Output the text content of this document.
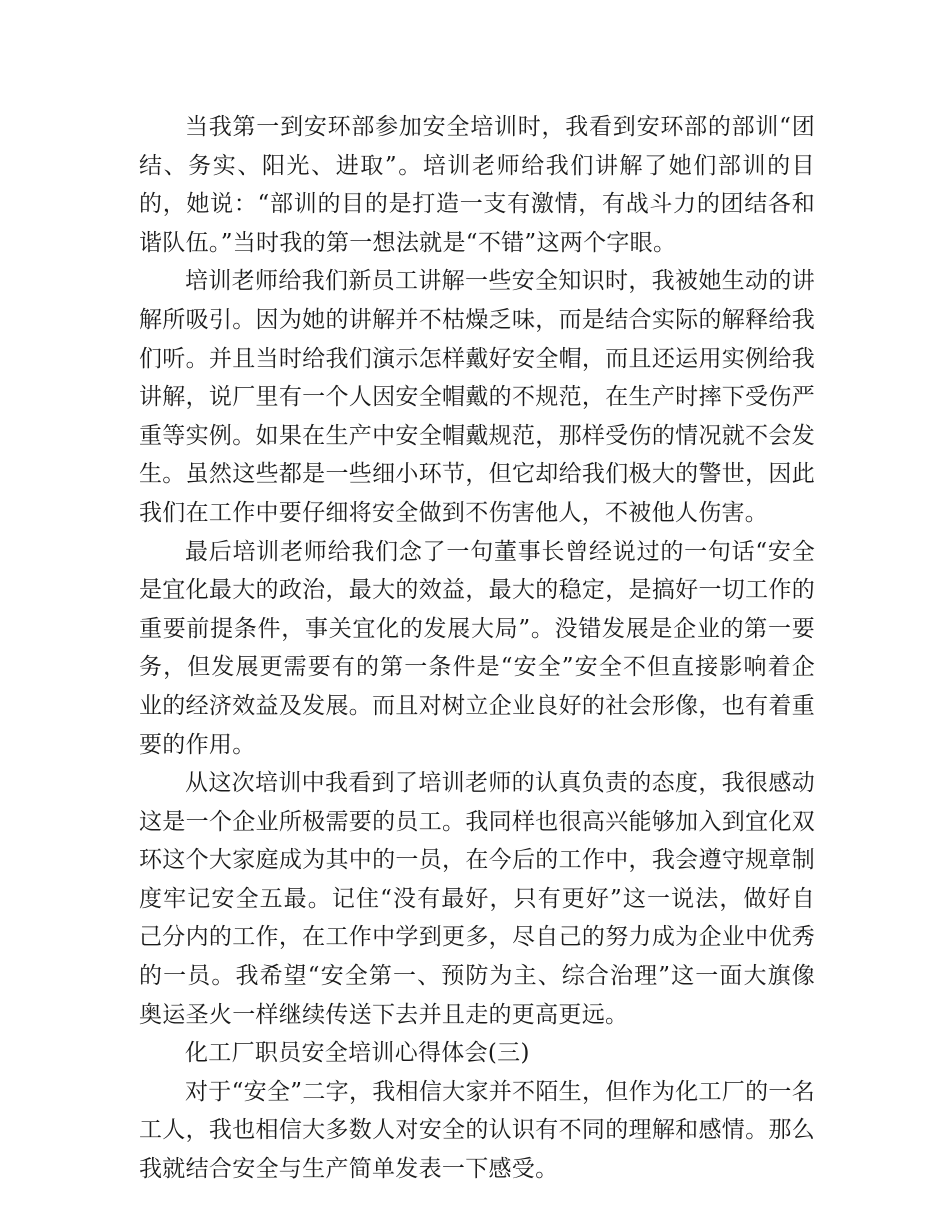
当我第一到安环部参加安全培训时，我看到安环部的部训“团结、务实、阳光、进取”。培训老师给我们讲解了她们部训的目的，她说：“部训的目的是打造一支有激情，有战斗力的团结各和谐队伍。”当时我的第一想法就是“不错”这两个字眼。

培训老师给我们新员工讲解一些安全知识时，我被她生动的讲解所吸引。因为她的讲解并不枯燥乏味，而是结合实际的解释给我们听。并且当时给我们演示怎样戴好安全帽，而且还运用实例给我讲解，说厂里有一个人因安全帽戴的不规范，在生产时摔下受伤严重等实例。如果在生产中安全帽戴规范，那样受伤的情况就不会发生。虽然这些都是一些细小环节，但它却给我们极大的警世，因此我们在工作中要仔细将安全做到不伤害他人，不被他人伤害。

最后培训老师给我们念了一句董事长曾经说过的一句话“安全是宜化最大的政治，最大的效益，最大的稳定，是搞好一切工作的重要前提条件，事关宜化的发展大局”。没错发展是企业的第一要务，但发展更需要有的第一条件是“安全”安全不但直接影响着企业的经济效益及发展。而且对树立企业良好的社会形像，也有着重要的作用。

从这次培训中我看到了培训老师的认真负责的态度，我很感动这是一个企业所极需要的员工。我同样也很高兴能够加入到宜化双环这个大家庭成为其中的一员，在今后的工作中，我会遵守规章制度牢记安全五最。记住“没有最好，只有更好”这一说法，做好自己分内的工作，在工作中学到更多，尽自己的努力成为企业中优秀的一员。我希望“安全第一、预防为主、综合治理”这一面大旗像奥运圣火一样继续传送下去并且走的更高更远。

化工厂职员安全培训心得体会(三)

对于“安全”二字，我相信大家并不陌生，但作为化工厂的一名工人，我也相信大多数人对安全的认识有不同的理解和感情。那么我就结合安全与生产简单发表一下感受。
